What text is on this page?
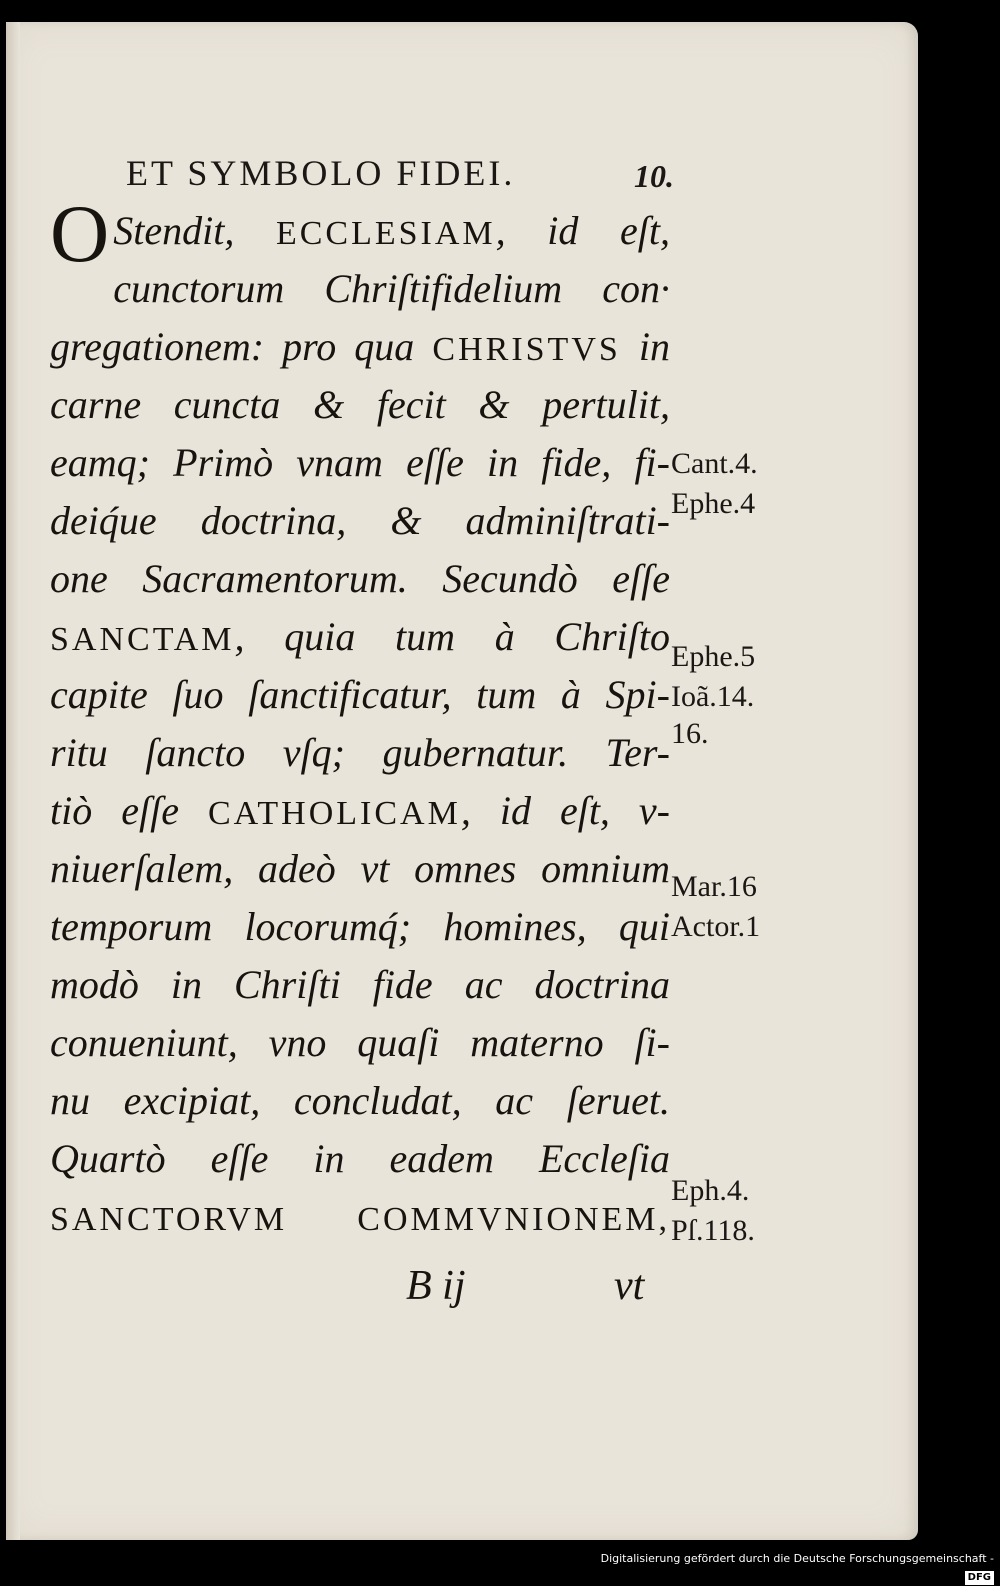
ET SYMBOLO FIDEI.	10.
O Stendit, ECCLESIAM, id eſt,
cunctorum Chriſtifidelium con·
gregationem: pro qua CHRISTVS in
carne cuncta & fecit & pertulit,
eamq; Primò vnam eſſe in fide, fi-
deiq́ue doctrina, & adminiſtrati-
one Sacramentorum. Secundò eſſe
SANCTAM, quia tum à Chriſto
capite ſuo ſanctificatur, tum à Spi-
ritu ſancto vſq; gubernatur. Ter-
tiò eſſe CATHOLICAM, id eſt, v-
niuerſalem, adeò vt omnes omnium
temporum locorumq́; homines, qui
modò in Chriſti fide ac doctrina
conueniunt, vno quaſi materno ſi-
nu excipiat, concludat, ac ſeruet.
Quartò eſſe in eadem Eccleſia
SANCTORVM COMMVNIONEM,
Cant.4.
Ephe.4
Ephe.5
Ioã.14.
16.
Mar.16
Actor.1
Eph.4.
Pſ.118.
B ij	vt
Digitalisierung gefördert durch die Deutsche Forschungsgemeinschaft -DFG
